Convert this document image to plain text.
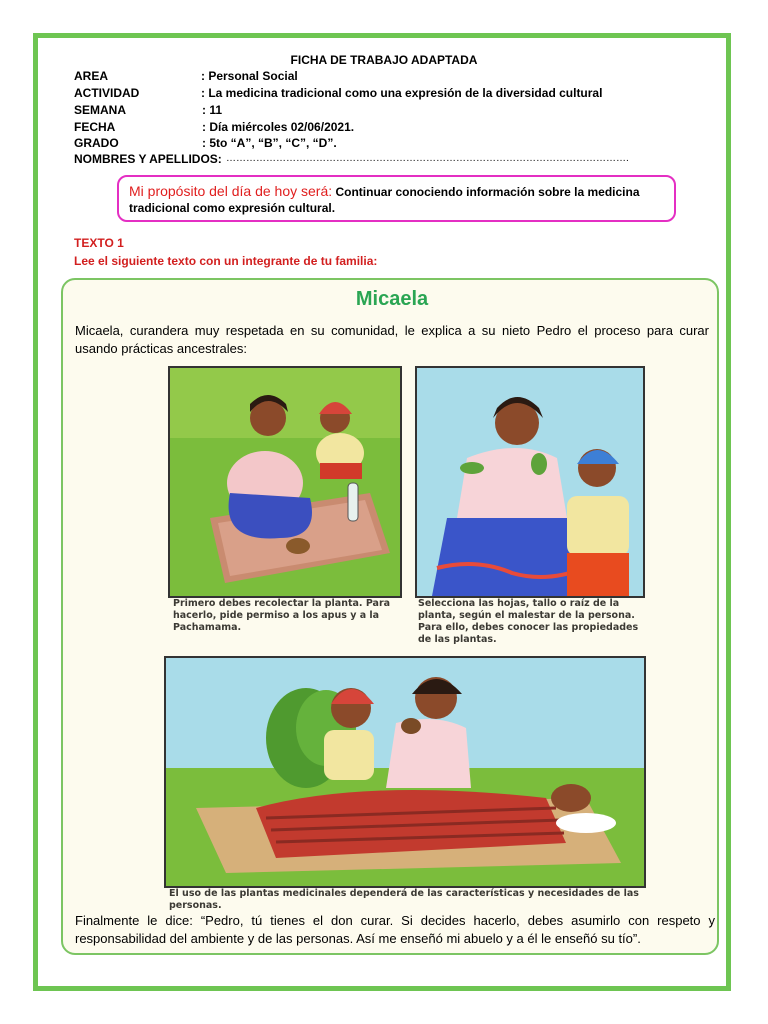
FICHA DE TRABAJO ADAPTADA
AREA	: Personal Social
ACTIVIDAD	: La medicina tradicional como una expresión de la diversidad cultural
SEMANA	: 11
FECHA	: Día miércoles 02/06/2021.
GRADO	: 5to “A”, “B”, “C”, “D”.
NOMBRES Y APELLIDOS: ………………………………………………………………………………………………………….
Mi propósito del día de hoy será: Continuar conociendo información sobre la medicina tradicional como expresión cultural.
TEXTO 1
Lee el siguiente texto con un integrante de tu familia:
Micaela
Micaela, curandera muy respetada en su comunidad, le explica a su nieto Pedro el proceso para curar usando prácticas ancestrales:
Primero debes recolectar la planta. Para hacerlo, pide permiso a los apus y a la Pachamama.
Selecciona las hojas, tallo o raíz de la planta, según el malestar de la persona. Para ello, debes conocer las propiedades de las plantas.
El uso de las plantas medicinales dependerá de las características y necesidades de las personas.
Finalmente le dice: “Pedro, tú tienes el don curar. Si decides hacerlo, debes asumirlo con respeto y responsabilidad del ambiente y de las personas. Así me enseñó mi abuelo y a él le enseñó su tío”.
